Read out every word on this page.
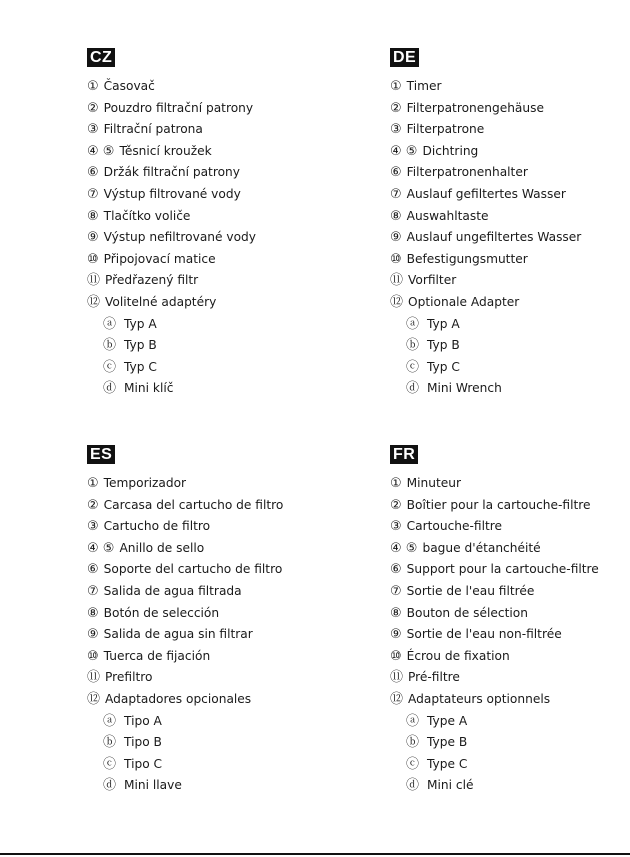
CZ
① Časovač
② Pouzdro filtrační patrony
③ Filtrační patrona
④ ⑤ Těsnicí kroužek
⑥ Držák filtrační patrony
⑦ Výstup filtrované vody
⑧ Tlačítko voliče
⑨ Výstup nefiltrované vody
⑩ Připojovací matice
⑪ Předřazený filtr
⑫ Volitelné adaptéry
ⓐ Typ A
ⓑ Typ B
ⓒ Typ C
ⓓ Mini klíč
DE
① Timer
② Filterpatronengehäuse
③ Filterpatrone
④ ⑤ Dichtring
⑥ Filterpatronenhalter
⑦ Auslauf gefiltertes Wasser
⑧ Auswahltaste
⑨ Auslauf ungefiltertes Wasser
⑩ Befestigungsmutter
⑪ Vorfilter
⑫ Optionale Adapter
ⓐ Typ A
ⓑ Typ B
ⓒ Typ C
ⓓ Mini Wrench
ES
① Temporizador
② Carcasa del cartucho de filtro
③ Cartucho de filtro
④ ⑤ Anillo de sello
⑥ Soporte del cartucho de filtro
⑦ Salida de agua filtrada
⑧ Botón de selección
⑨ Salida de agua sin filtrar
⑩ Tuerca de fijación
⑪ Prefiltro
⑫ Adaptadores opcionales
ⓐ Tipo A
ⓑ Tipo B
ⓒ Tipo C
ⓓ Mini llave
FR
① Minuteur
② Boîtier pour la cartouche-filtre
③ Cartouche-filtre
④ ⑤ bague d'étanchéité
⑥ Support pour la cartouche-filtre
⑦ Sortie de l'eau filtrée
⑧ Bouton de sélection
⑨ Sortie de l'eau non-filtrée
⑩ Écrou de fixation
⑪ Pré-filtre
⑫ Adaptateurs optionnels
ⓐ Type A
ⓑ Type B
ⓒ Type C
ⓓ Mini clé
